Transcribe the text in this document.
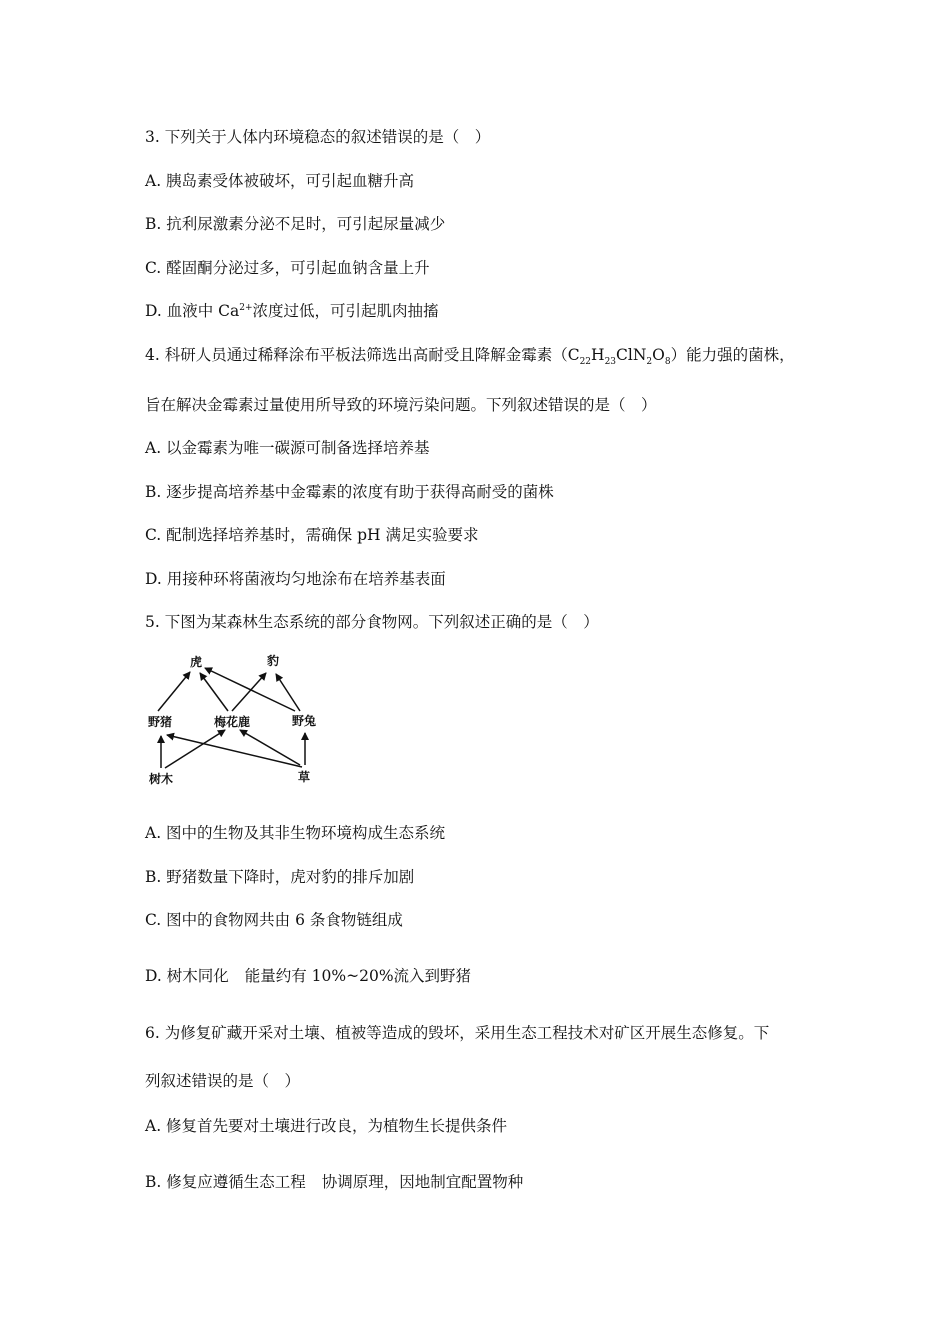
3. 下列关于人体内环境稳态的叙述错误的是（　）
A. 胰岛素受体被破坏，可引起血糖升高
B. 抗利尿激素分泌不足时，可引起尿量减少
C. 醛固酮分泌过多，可引起血钠含量上升
D. 血液中 $Ca^{2+}$浓度过低，可引起肌肉抽搐
4. 科研人员通过稀释涂布平板法筛选出高耐受且降解金霉素$(C_{22}H_{23}ClN_2O_8)$能力强的菌株，
旨在解决金霉素过量使用所导致的环境污染问题。下列叙述错误的是（　）
A. 以金霉素为唯一碳源可制备选择培养基
B. 逐步提高培养基中金霉素的浓度有助于获得高耐受的菌株
C. 配制选择培养基时，需确保 pH 满足实验要求
D. 用接种环将菌液均匀地涂布在培养基表面
5. 下图为某森林生态系统的部分食物网。下列叙述正确的是（　）
虎	豹
野猪	梅花鹿	野兔
树木	草
A. 图中的生物及其非生物环境构成生态系统
B. 野猪数量下降时，虎对豹的排斥加剧
C. 图中的食物网共由 6 条食物链组成
D. 树木同化 能量约有 10%~20%流入到野猪
6. 为修复矿藏开采对土壤、植被等造成的毁坏，采用生态工程技术对矿区开展生态修复。下
列叙述错误的是（　）
A. 修复首先要对土壤进行改良，为植物生长提供条件
B. 修复应遵循生态工程 协调原理，因地制宜配置物种
